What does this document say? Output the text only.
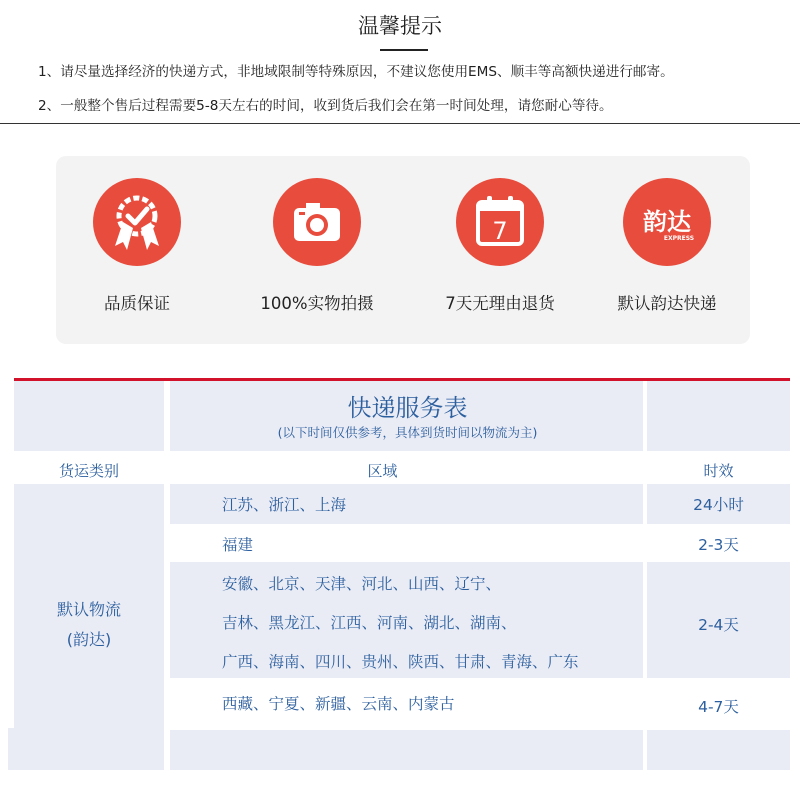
温馨提示
1、请尽量选择经济的快递方式，非地域限制等特殊原因，不建议您使用EMS、顺丰等高额快递进行邮寄。
2、一般整个售后过程需要5-8天左右的时间，收到货后我们会在第一时间处理，请您耐心等待。
品质保证	100%实物拍摄
7
7天无理由退货
韵达
EXPRESS
默认韵达快递
快递服务表
(以下时间仅供参考，具体到货时间以物流为主)
货运类别	区域	时效
默认物流
(韵达)
江苏、浙江、上海	24小时
福建	2-3天
安徽、北京、天津、河北、山西、辽宁、
吉林、黑龙江、江西、河南、湖北、湖南、
广西、海南、四川、贵州、陕西、甘肃、青海、广东
2-4天
西藏、宁夏、新疆、云南、内蒙古	4-7天
